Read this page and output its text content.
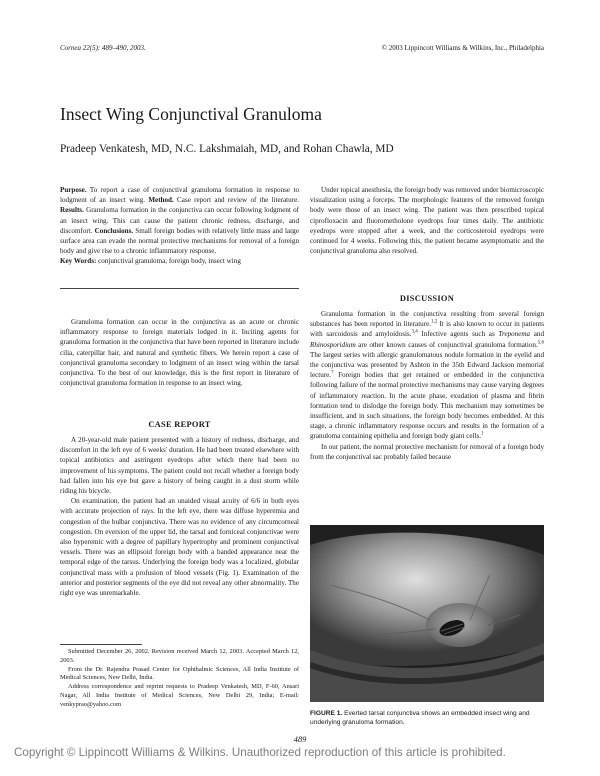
Cornea 22(5): 489–490, 2003.	© 2003 Lippincott Williams & Wilkins, Inc., Philadelphia
Insect Wing Conjunctival Granuloma
Pradeep Venkatesh, MD, N.C. Lakshmaiah, MD, and Rohan Chawla, MD

Purpose. To report a case of conjunctival granuloma formation in response to lodgment of an insect wing. Method. Case report and review of the literature. Results. Granuloma formation in the conjunctiva can occur following lodgment of an insect wing. This can cause the patient chronic redness, discharge, and discomfort. Conclusions. Small foreign bodies with relatively little mass and large surface area can evade the normal protective mechanisms for removal of a foreign body and give rise to a chronic inflammatory response.

Key Words: conjunctival granuloma, foreign body, insect wing

Granuloma formation can occur in the conjunctiva as an acute or chronic inflammatory response to foreign materials lodged in it. Inciting agents for granuloma formation in the conjunctiva that have been reported in literature include cilia, caterpillar hair, and natural and synthetic fibers. We herein report a case of conjunctival granuloma secondary to lodgment of an insect wing within the tarsal conjunctiva. To the best of our knowledge, this is the first report in literature of conjunctival granuloma formation in response to an insect wing.

CASE REPORT

A 20-year-old male patient presented with a history of redness, discharge, and discomfort in the left eye of 6 weeks' duration. He had been treated elsewhere with topical antibiotics and astringent eyedrops after which there had been no improvement of his symptoms. The patient could not recall whether a foreign body had fallen into his eye but gave a history of being caught in a dust storm while riding his bicycle.

On examination, the patient had an unaided visual acuity of 6/6 in both eyes with accurate projection of rays. In the left eye, there was diffuse hyperemia and congestion of the bulbar conjunctiva. There was no evidence of any circumcorneal congestion. On eversion of the upper lid, the tarsal and forniceal conjunctivae were also hyperemic with a degree of papillary hypertrophy and prominent conjunctival vessels. There was an ellipsoid foreign body with a banded appearance near the temporal edge of the tarsus. Underlying the foreign body was a localized, globular conjunctival mass with a profusion of blood vessels (Fig. 1). Examination of the anterior and posterior segments of the eye did not reveal any other abnormality. The right eye was unremarkable.

Submitted December 26, 2002. Revision received March 12, 2003. Accepted March 12, 2003.

From the Dr. Rajendra Prasad Center for Ophthalmic Sciences, All India Institute of Medical Sciences, New Delhi, India.

Address correspondence and reprint requests to Pradeep Venkatesh, MD, F-60, Ansari Nagar, All India Institute of Medical Sciences, New Delhi 29, India; E-mail: venkyprao@yahoo.com

Under topical anesthesia, the foreign body was removed under biomicroscopic visualization using a forceps. The morphologic features of the removed foreign body were those of an insect wing. The patient was then prescribed topical ciprofloxacin and fluorometholone eyedrops four times daily. The antibiotic eyedrops were stopped after a week, and the corticosteroid eyedrops were continued for 4 weeks. Following this, the patient became asymptomatic and the conjunctival granuloma also resolved.

DISCUSSION

Granuloma formation in the conjunctiva resulting from several foreign substances has been reported in literature.$^{1,2}$ It is also known to occur in patients with sarcoidosis and amyloidosis.$^{3,4}$ Infective agents such as Treponema and Rhinosporidium are other known causes of conjunctival granuloma formation.$^{5,6}$ The largest series with allergic granulomatous nodule formation in the eyelid and the conjunctiva was presented by Ashton in the 35th Edward Jackson memorial lecture.$^7$ Foreign bodies that get retained or embedded in the conjunctiva following failure of the normal protective mechanisms may cause varying degrees of inflammatory reaction. In the acute phase, exudation of plasma and fibrin formation tend to dislodge the foreign body. This mechanism may sometimes be insufficient, and in such situations, the foreign body becomes embedded. At this stage, a chronic inflammatory response occurs and results in the formation of a granuloma containing epithelia and foreign body giant cells.$^1$

In our patient, the normal protective mechanism for removal of a foreign body from the conjunctival sac probably failed because

FIGURE 1. Everted tarsal conjunctiva shows an embedded insect wing and underlying granuloma formation.
489
Copyright © Lippincott Williams & Wilkins. Unauthorized reproduction of this article is prohibited.
